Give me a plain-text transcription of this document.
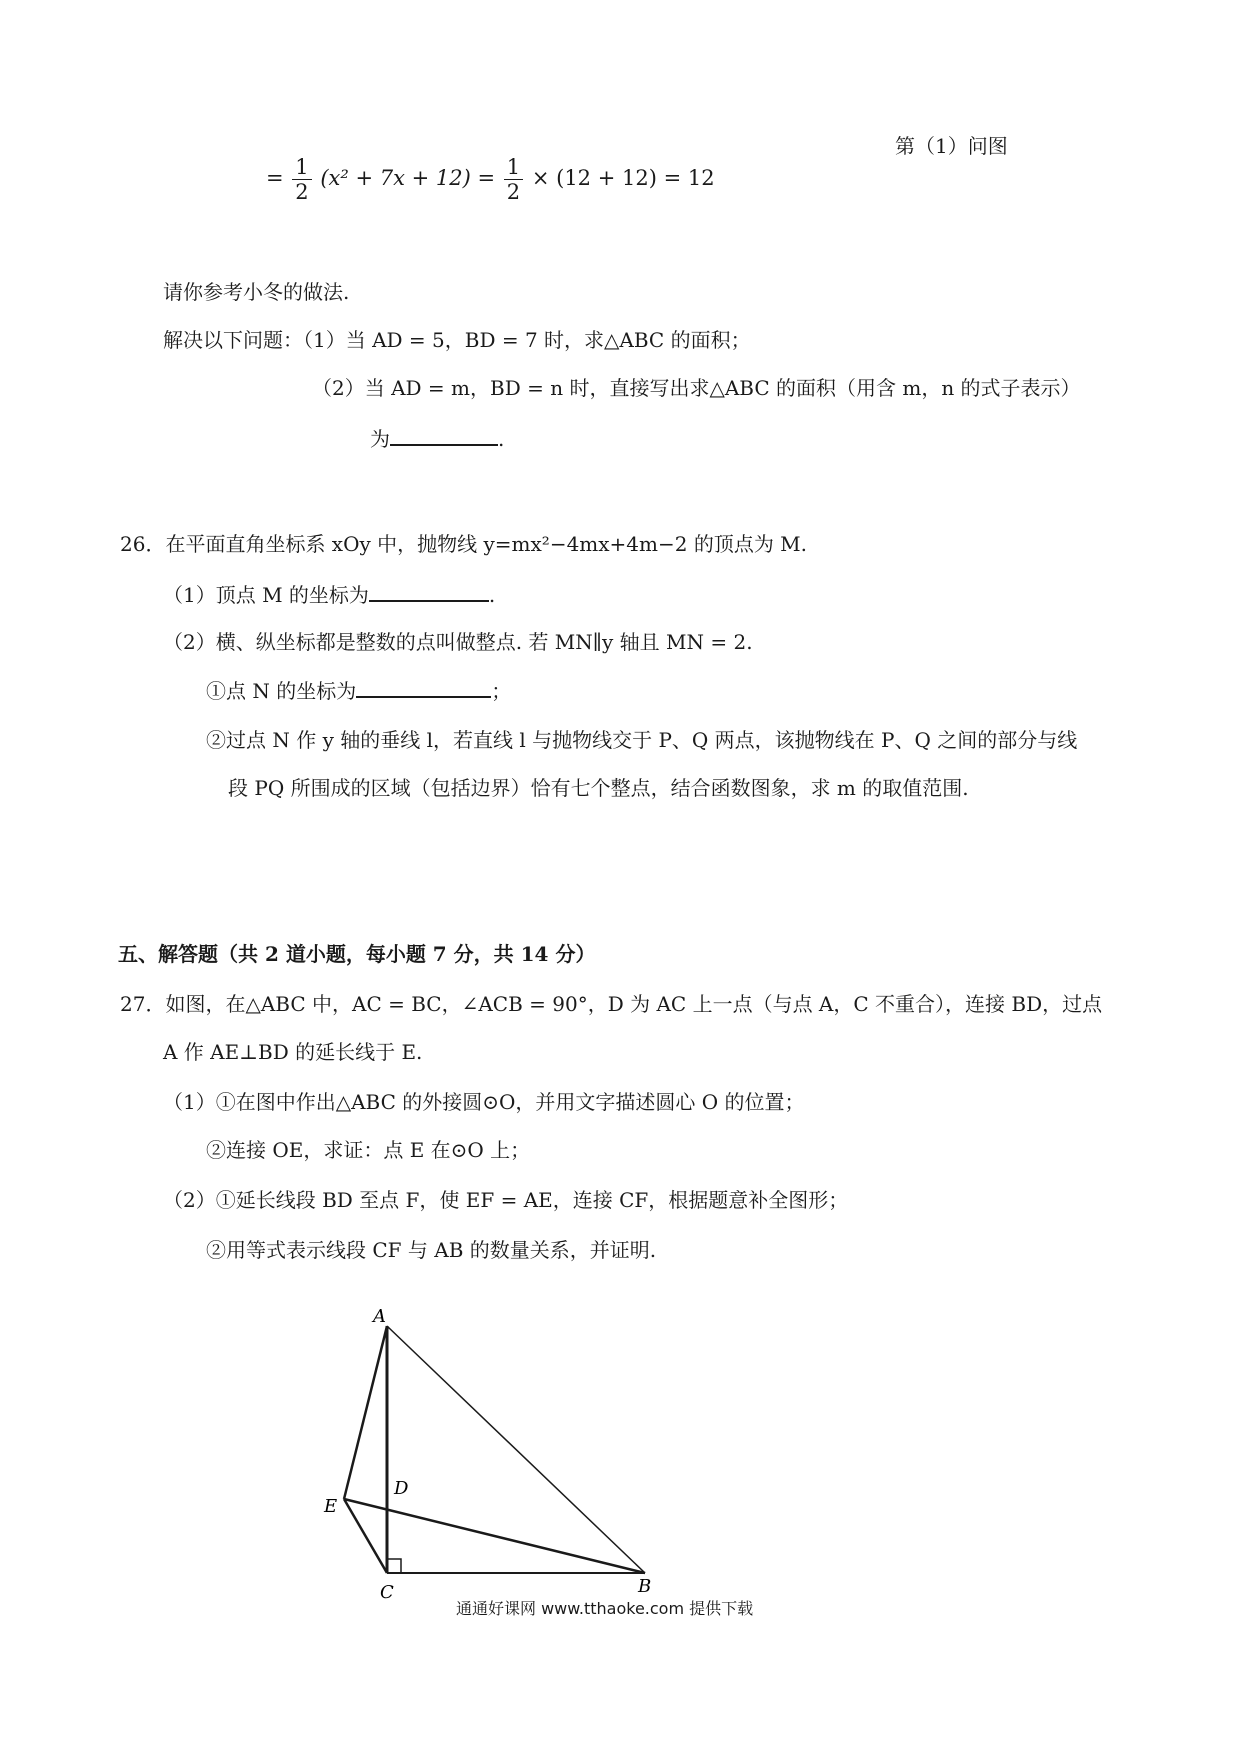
= $\frac{1}{2} (x^2 + 7x + 12) = \frac{1}{2} \times (12 + 12) = 12$
第（1）问图
请你参考小冬的做法.
解决以下问题：（1）当 AD = 5，BD = 7 时，求△ABC 的面积；
（2）当 AD = m，BD = n 时，直接写出求△ABC 的面积（用含 m，n 的式子表示）
为	.
26．在平面直角坐标系 xOy 中，抛物线 y=mx²−4mx+4m−2 的顶点为 M.
（1）顶点 M 的坐标为	.
（2）横、纵坐标都是整数的点叫做整点. 若 MN∥y 轴且 MN = 2.
①点 N 的坐标为	；
②过点 N 作 y 轴的垂线 l，若直线 l 与抛物线交于 P、Q 两点，该抛物线在 P、Q 之间的部分与线
段 PQ 所围成的区域（包括边界）恰有七个整点，结合函数图象，求 m 的取值范围.
五、解答题（共 2 道小题，每小题 7 分，共 14 分）
27．如图，在△ABC 中，AC = BC，∠ACB = 90°，D 为 AC 上一点（与点 A，C 不重合），连接 BD，过点
A 作 AE⊥BD 的延长线于 E.
（1）①在图中作出△ABC 的外接圆⊙O，并用文字描述圆心 O 的位置；
②连接 OE，求证：点 E 在⊙O 上；
（2）①延长线段 BD 至点 F，使 EF = AE，连接 CF，根据题意补全图形；
②用等式表示线段 CF 与 AB 的数量关系，并证明.
A
D
E
C	B
通通好课网 www.tthaoke.com 提供下载
